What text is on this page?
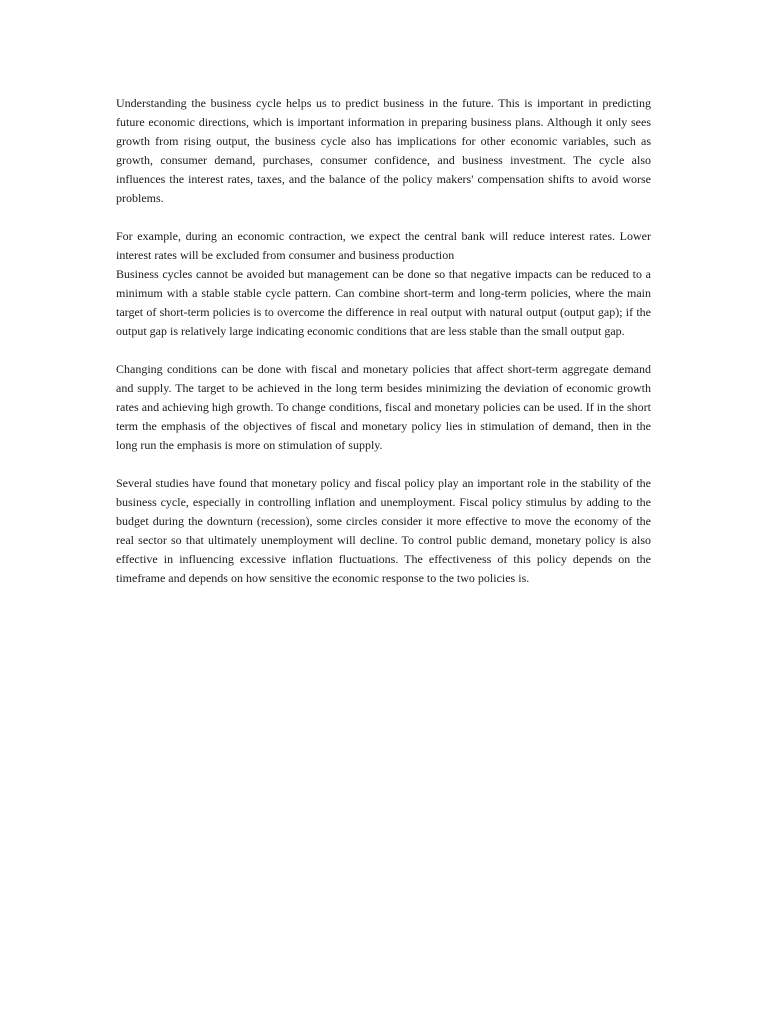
Understanding the business cycle helps us to predict business in the future. This is important in predicting future economic directions, which is important information in preparing business plans. Although it only sees growth from rising output, the business cycle also has implications for other economic variables, such as growth, consumer demand, purchases, consumer confidence, and business investment. The cycle also influences the interest rates, taxes, and the balance of the policy makers' compensation shifts to avoid worse problems.

For example, during an economic contraction, we expect the central bank will reduce interest rates. Lower interest rates will be excluded from consumer and business production

Business cycles cannot be avoided but management can be done so that negative impacts can be reduced to a minimum with a stable stable cycle pattern. Can combine short-term and long-term policies, where the main target of short-term policies is to overcome the difference in real output with natural output (output gap); if the output gap is relatively large indicating economic conditions that are less stable than the small output gap.

Changing conditions can be done with fiscal and monetary policies that affect short-term aggregate demand and supply. The target to be achieved in the long term besides minimizing the deviation of economic growth rates and achieving high growth. To change conditions, fiscal and monetary policies can be used. If in the short term the emphasis of the objectives of fiscal and monetary policy lies in stimulation of demand, then in the long run the emphasis is more on stimulation of supply.

Several studies have found that monetary policy and fiscal policy play an important role in the stability of the business cycle, especially in controlling inflation and unemployment. Fiscal policy stimulus by adding to the budget during the downturn (recession), some circles consider it more effective to move the economy of the real sector so that ultimately unemployment will decline. To control public demand, monetary policy is also effective in influencing excessive inflation fluctuations. The effectiveness of this policy depends on the timeframe and depends on how sensitive the economic response to the two policies is.
